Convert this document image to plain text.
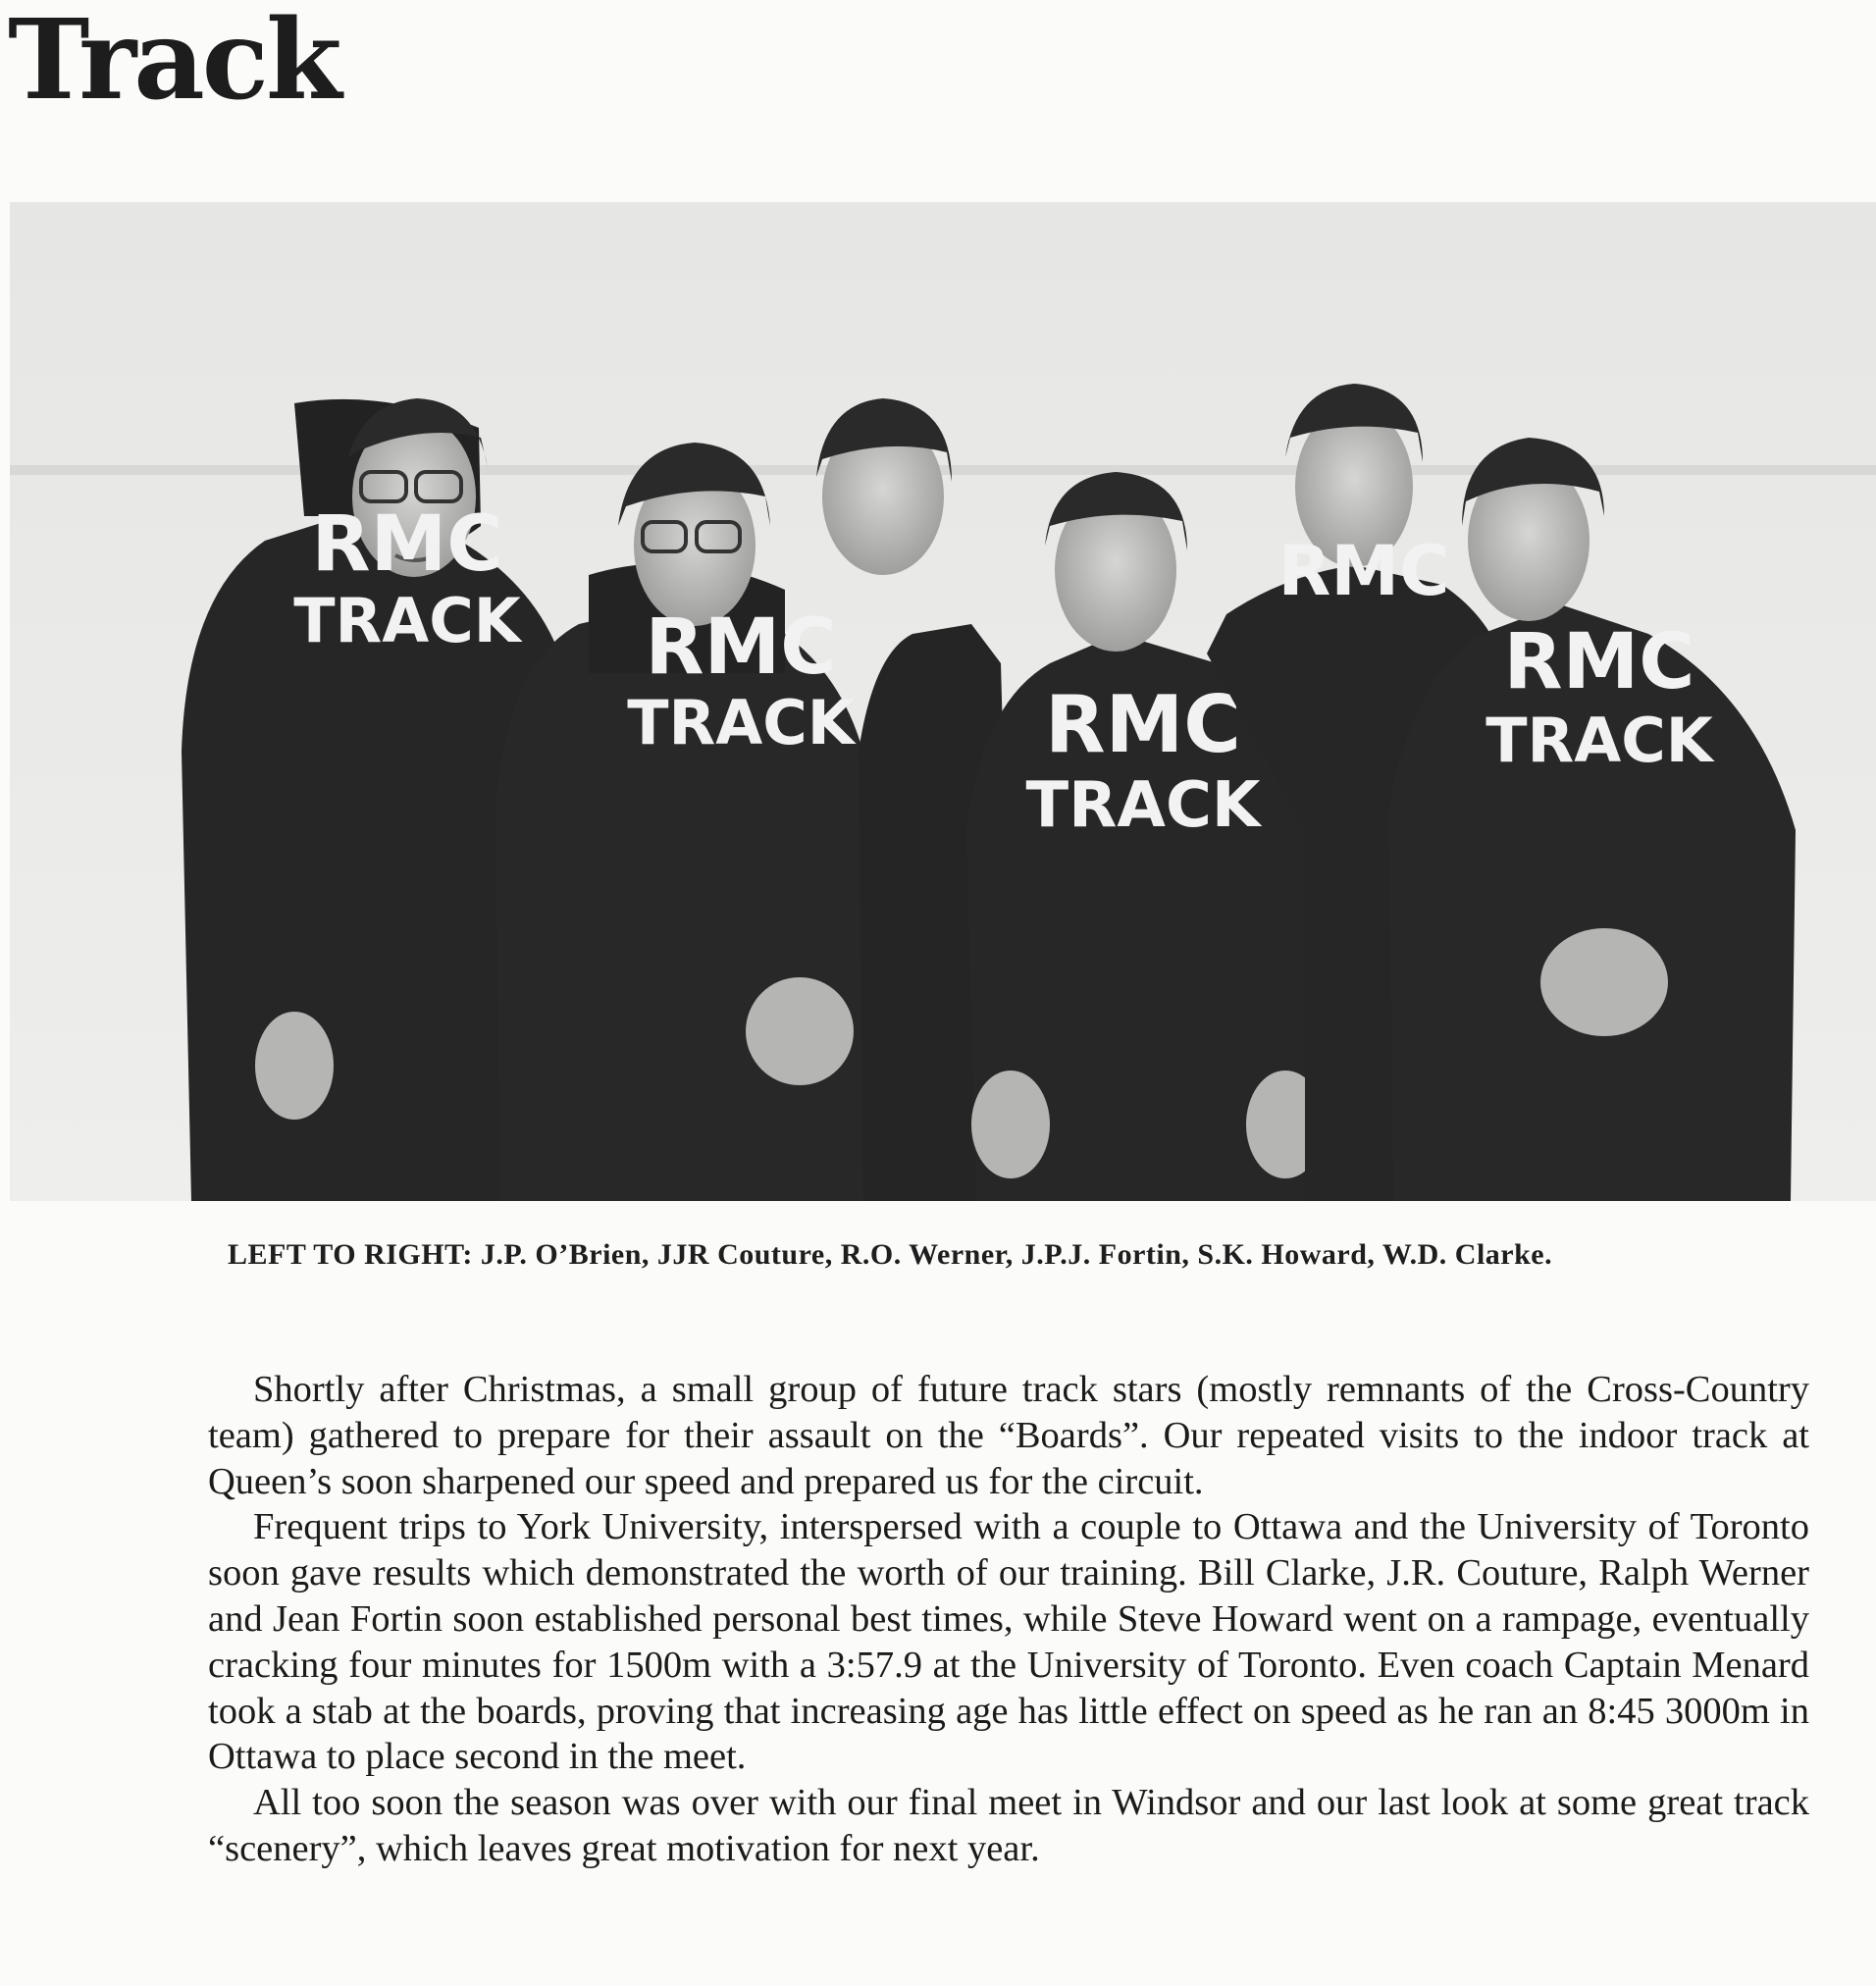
Track
RMC
TRACK RMC
TRACK RMC
TRACK
RMC
RMC
TRACK

LEFT TO RIGHT: J.P. O’Brien, JJR Couture, R.O. Werner, J.P.J. Fortin, S.K. Howard, W.D. Clarke.

Shortly after Christmas, a small group of future track stars (mostly remnants of the Cross-Country team) gathered to prepare for their assault on the “Boards”. Our repeated visits to the indoor track at Queen’s soon sharpened our speed and prepared us for the circuit.

Frequent trips to York University, interspersed with a couple to Ottawa and the University of Toronto soon gave results which demonstrated the worth of our training. Bill Clarke, J.R. Couture, Ralph Werner and Jean Fortin soon established personal best times, while Steve Howard went on a rampage, eventually cracking four minutes for 1500m with a 3:57.9 at the University of Toronto. Even coach Captain Menard took a stab at the boards, proving that increasing age has little effect on speed as he ran an 8:45 3000m in Ottawa to place second in the meet.

All too soon the season was over with our final meet in Windsor and our last look at some great track “scenery”, which leaves great motivation for next year.
